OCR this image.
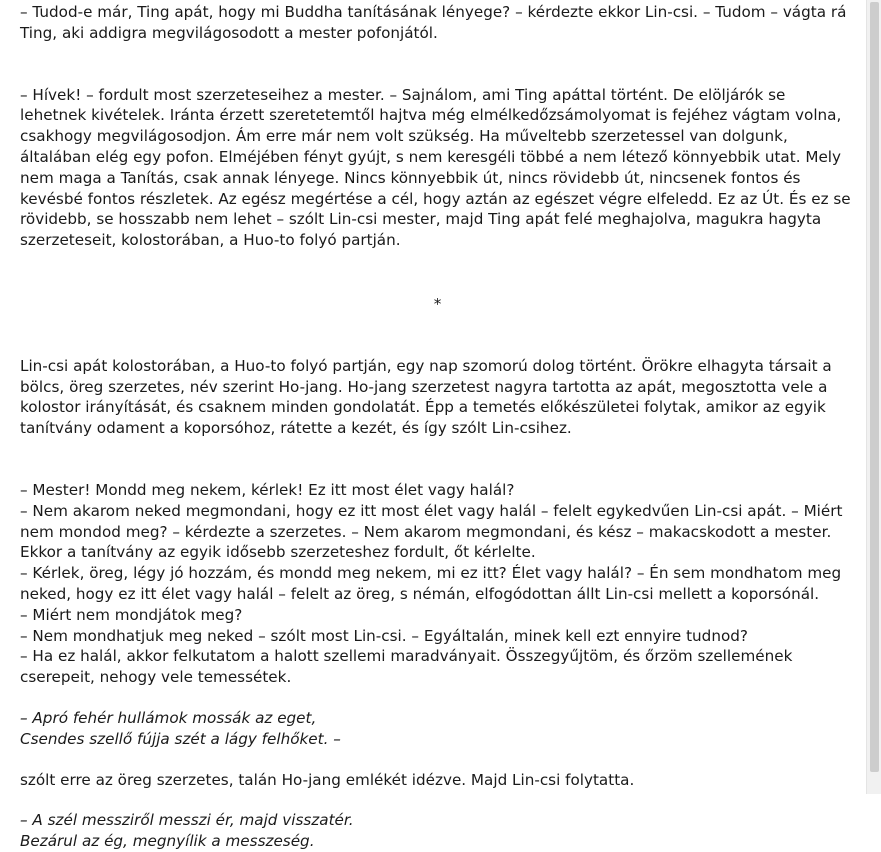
– Tudod-e már, Ting apát, hogy mi Buddha tanításának lényege? – kérdezte ekkor Lin-csi. – Tudom – vágta rá Ting, aki addigra megvilágosodott a mester pofonjától.

– Hívek! – fordult most szerzeteseihez a mester. – Sajnálom, ami Ting apáttal történt. De elöljárók se lehetnek kivételek. Iránta érzett szeretetemtől hajtva még elmélkedőzsámolyomat is fejéhez vágtam volna, csakhogy megvilágosodjon. Ám erre már nem volt szükség. Ha műveltebb szerzetessel van dolgunk, általában elég egy pofon. Elméjében fényt gyújt, s nem keresgéli többé a nem létező könnyebbik utat. Mely nem maga a Tanítás, csak annak lényege. Nincs könnyebbik út, nincs rövidebb út, nincsenek fontos és kevésbé fontos részletek. Az egész megértése a cél, hogy aztán az egészet végre elfeledd. Ez az Út. És ez se rövidebb, se hosszabb nem lehet – szólt Lin-csi mester, majd Ting apát felé meghajolva, magukra hagyta szerzeteseit, kolostorában, a Huo-to folyó partján.

*

Lin-csi apát kolostorában, a Huo-to folyó partján, egy nap szomorú dolog történt. Örökre elhagyta társait a bölcs, öreg szerzetes, név szerint Ho-jang. Ho-jang szerzetest nagyra tartotta az apát, megosztotta vele a kolostor irányítását, és csaknem minden gondolatát. Épp a temetés előkészületei folytak, amikor az egyik tanítvány odament a koporsóhoz, rátette a kezét, és így szólt Lin-csihez.

– Mester! Mondd meg nekem, kérlek! Ez itt most élet vagy halál?

– Nem akarom neked megmondani, hogy ez itt most élet vagy halál – felelt egykedvűen Lin-csi apát. – Miért nem mondod meg? – kérdezte a szerzetes. – Nem akarom megmondani, és kész – makacskodott a mester. Ekkor a tanítvány az egyik idősebb szerzeteshez fordult, őt kérlelte.

– Kérlek, öreg, légy jó hozzám, és mondd meg nekem, mi ez itt? Élet vagy halál? – Én sem mondhatom meg neked, hogy ez itt élet vagy halál – felelt az öreg, s némán, elfogódottan állt Lin-csi mellett a koporsónál.

– Miért nem mondjátok meg?

– Nem mondhatjuk meg neked – szólt most Lin-csi. – Egyáltalán, minek kell ezt ennyire tudnod?

– Ha ez halál, akkor felkutatom a halott szellemi maradványait. Összegyűjtöm, és őrzöm szellemének cserepeit, nehogy vele temessétek.

– Apró fehér hullámok mossák az eget,

Csendes szellő fújja szét a lágy felhőket. –

szólt erre az öreg szerzetes, talán Ho-jang emlékét idézve. Majd Lin-csi folytatta.

– A szél messziről messzi ér, majd visszatér.

Bezárul az ég, megnyílik a messzeség.
